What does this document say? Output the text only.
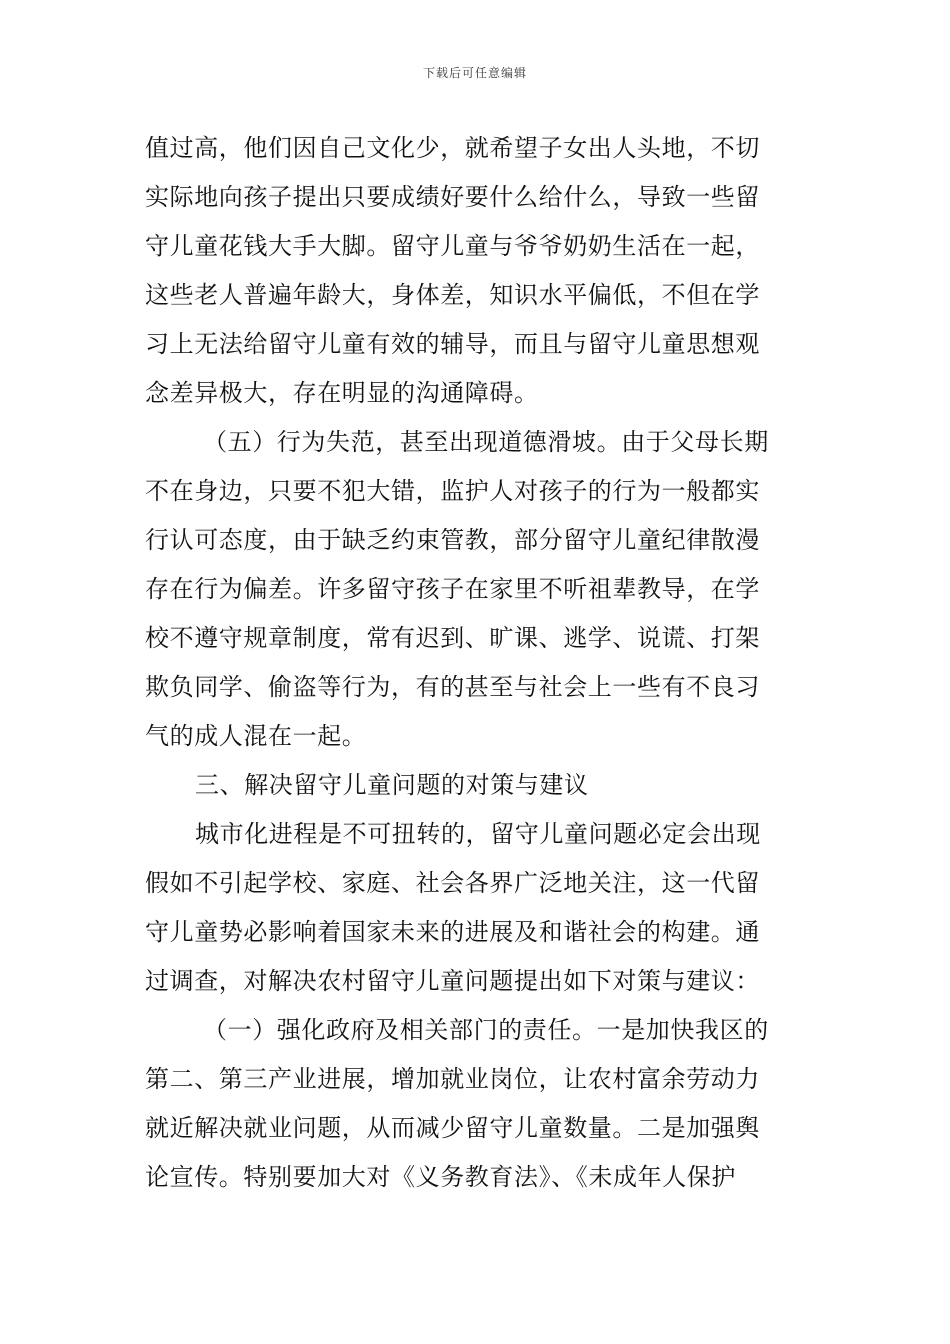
下载后可任意编辑
值过高，他们因自己文化少，就希望子女出人头地，不切
实际地向孩子提出只要成绩好要什么给什么，导致一些留
守儿童花钱大手大脚。留守儿童与爷爷奶奶生活在一起，
这些老人普遍年龄大，身体差，知识水平偏低，不但在学
习上无法给留守儿童有效的辅导，而且与留守儿童思想观
念差异极大，存在明显的沟通障碍。
（五）行为失范，甚至出现道德滑坡。由于父母长期
不在身边，只要不犯大错，监护人对孩子的行为一般都实
行认可态度，由于缺乏约束管教，部分留守儿童纪律散漫
存在行为偏差。许多留守孩子在家里不听祖辈教导，在学
校不遵守规章制度，常有迟到、旷课、逃学、说谎、打架
欺负同学、偷盗等行为，有的甚至与社会上一些有不良习
气的成人混在一起。
三、解决留守儿童问题的对策与建议
城市化进程是不可扭转的，留守儿童问题必定会出现
假如不引起学校、家庭、社会各界广泛地关注，这一代留
守儿童势必影响着国家未来的进展及和谐社会的构建。通
过调查，对解决农村留守儿童问题提出如下对策与建议：
（一）强化政府及相关部门的责任。一是加快我区的
第二、第三产业进展，增加就业岗位，让农村富余劳动力
就近解决就业问题，从而减少留守儿童数量。二是加强舆
论宣传。特别要加大对《义务教育法》、《未成年人保护
